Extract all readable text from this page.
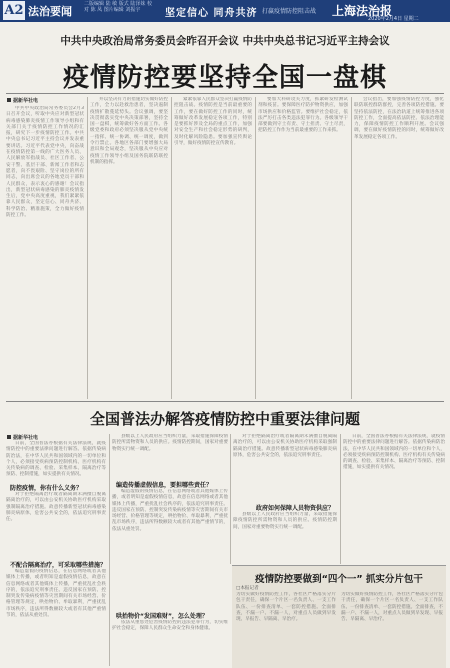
A2 法治要闻
二版编辑 陆 敏 版式 陆泽妹 校对 陈 凤 图片编辑 刘振宇	坚定信心 同舟共济 打赢疫情防控阻击战 上海法治报
2020年2月4日 星期二
中共中央政治局常务委员会昨召开会议 中共中央总书记习近平主持会议
疫情防控要坚持全国一盘棋
据新华社电
中共中央政治局常务委员会2月3日召开会议，听取中央应对新型冠状病毒感染肺炎疫情工作领导小组和有关部门关于疫情防控工作情况的汇报，研究下一步疫情防控工作。中共中央总书记习近平主持会议并发表重要讲话。习近平代表党中央，向奋战在疫情防控第一线的广大医务人员、人民解放军指战员、社区工作者、公安干警、基层干部、新闻工作者和志愿者，向不畏艰险、坚守岗位的所有同志，向出席会议的各地党员干部和人民群众，表示衷心的感谢！会议指出，新型冠状病毒感染的肺炎疫情发生后，党中央高度重视，我们紧紧依靠人民群众，坚定信心、同舟共济、科学防治、精准施策，全力做好疫情防控工作。
并以坚决有力的措施切实做好防控工作，全力以赴救治患者，坚决遏制疫情扩散蔓延势头。会议强调，要坚决贯彻落实党中央决策部署，坚持全国一盘棋，统筹做好各方面工作。各级党委和政府必须坚决服从党中央统一指挥、统一协调、统一调度，做到令行禁止。各地区各部门要增强大局意识和全局观念，坚决服从中央应对疫情工作领导小组及国务院联防联控机制的指挥。
紧紧依靠人民群众坚决打赢疫情防控阻击战。疫情防控是当前最重要的工作，要在做好防控工作的同时，统筹做好改革发展稳定各项工作，特别是要抓好涉及全局的重点工作，加强对安全生产和社会稳定形势的研判，及时化解风险隐患。要加强宣传舆论引导，做好疫情防控宣传教育。
要加大科研攻关力度，抓紧研发检测试剂和疫苗。要保障医疗防护物资供应，加强市场供应和价格监管。要维护社会稳定，依法严厉打击各类违法犯罪行为。各级领导干部要做到守土有责、守土担责、守土尽责，把防控工作作为当前最重要的工作来抓。
会议指出，要加强疫情防控力度，强化联防联控群防群控，完善各项防控措施。要坚持依法防控，在法治轨道上统筹推进各项防控工作，全面提高依法防控、依法治理能力，保障疫情防控工作顺利开展。会议强调，要在做好疫情防控的同时，统筹做好改革发展稳定各项工作。
全国普法办解答疫情防控中重要法律问题
据新华社电
日前，全国普法办根据有关法律法规，就疫情防控中的重要法律问题进行解答。依据传染病防治法，在中华人民共和国领域内的一切单位和个人，必须接受疾病预防控制机构、医疗机构有关传染病的调查、检验、采集样本、隔离治疗等预防、控制措施，如实提供有关情况。
防控疫情，你有什么义务？
对于拒绝隔离治疗或者隔离期未满擅自脱离隔离治疗的，可以由公安机关协助医疗机构采取强制隔离治疗措施。故意传播新型冠状病毒感染肺炎病原体，危害公共安全的，依法追究刑事责任。
不配合隔离治疗，可采取哪些措施？
编造虚假的疫情信息，在信息网络或者其他媒体上传播，或者明知是虚假疫情信息，故意在信息网络或者其他媒体上传播，严重扰乱社会秩序的，依法追究刑事责任。违反国家在预防、控制突发传染病疫情等灾害期间有关市场经营、价格管理等规定，哄抬物价、牟取暴利，严重扰乱市场秩序，违法所得数额较大或者有其他严重情节的，依法从重处罚。
县级以上人民政府应当组织力量，采取措施保障疫情防控所需物资和人员的供应。疫情防控期间，国家对重要物资实行统一调配。
编造传播虚假信息，要担哪些责任？
编造虚假的疫情信息，在信息网络或者其他媒体上传播，或者明知是虚假疫情信息，故意在信息网络或者其他媒体上传播，严重扰乱社会秩序的，依法追究刑事责任。违反国家在预防、控制突发传染病疫情等灾害期间有关市场经营、价格管理等规定，哄抬物价、牟取暴利，严重扰乱市场秩序，违法所得数额较大或者有其他严重情节的，依法从重处罚。
哄抬物价“发国难财”，怎么处理？
依法从重惩处危害疫情防控的违法犯罪行为，切实维护社会稳定，保障人民群众生命安全和身体健康。
对于拒绝隔离治疗或者隔离期未满擅自脱离隔离治疗的，可以由公安机关协助医疗机构采取强制隔离治疗措施。故意传播新型冠状病毒感染肺炎病原体，危害公共安全的，依法追究刑事责任。
政府如何保障人员物资供应？
县级以上人民政府应当组织力量，采取措施保障疫情防控所需物资和人员的供应。疫情防控期间，国家对重要物资实行统一调配。
日前，全国普法办根据有关法律法规，就疫情防控中的重要法律问题进行解答。依据传染病防治法，在中华人民共和国领域内的一切单位和个人，必须接受疾病预防控制机构、医疗机构有关传染病的调查、检验、采集样本、隔离治疗等预防、控制措施，如实提供有关情况。
疫情防控要做到“四个一” 抓实分片包干
□本报记者
为切实做好疫情防控工作，各社区严格落实分片包干责任，确保一个片区一名负责人、一支工作队伍、一份排查清单、一套防控措施。全面排查，不漏一户、不漏一人，对重点人员做到早发现、早报告、早隔离、早治疗。
为切实做好疫情防控工作，各社区严格落实分片包干责任，确保一个片区一名负责人、一支工作队伍、一份排查清单、一套防控措施。全面排查，不漏一户、不漏一人，对重点人员做到早发现、早报告、早隔离、早治疗。
